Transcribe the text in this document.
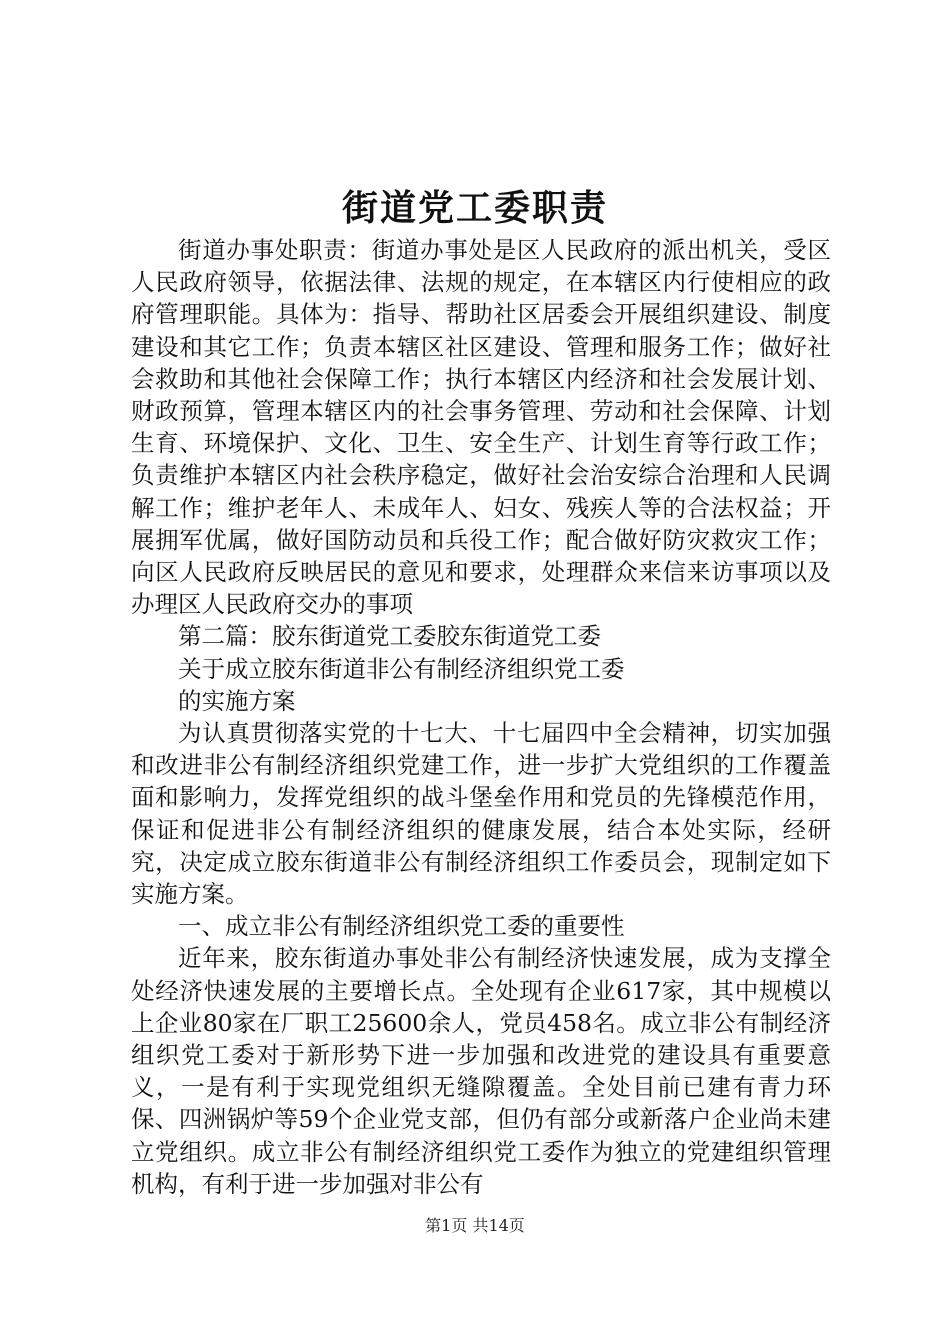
街道党工委职责

街道办事处职责：街道办事处是区人民政府的派出机关，受区人民政府领导，依据法律、法规的规定，在本辖区内行使相应的政府管理职能。具体为：指导、帮助社区居委会开展组织建设、制度建设和其它工作；负责本辖区社区建设、管理和服务工作；做好社会救助和其他社会保障工作；执行本辖区内经济和社会发展计划、财政预算，管理本辖区内的社会事务管理、劳动和社会保障、计划生育、环境保护、文化、卫生、安全生产、计划生育等行政工作；负责维护本辖区内社会秩序稳定，做好社会治安综合治理和人民调解工作；维护老年人、未成年人、妇女、残疾人等的合法权益；开展拥军优属，做好国防动员和兵役工作；配合做好防灾救灾工作；向区人民政府反映居民的意见和要求，处理群众来信来访事项以及办理区人民政府交办的事项

第二篇：胶东街道党工委胶东街道党工委

关于成立胶东街道非公有制经济组织党工委

的实施方案

为认真贯彻落实党的十七大、十七届四中全会精神，切实加强和改进非公有制经济组织党建工作，进一步扩大党组织的工作覆盖面和影响力，发挥党组织的战斗堡垒作用和党员的先锋模范作用，保证和促进非公有制经济组织的健康发展，结合本处实际，经研究，决定成立胶东街道非公有制经济组织工作委员会，现制定如下实施方案。

一、成立非公有制经济组织党工委的重要性

近年来，胶东街道办事处非公有制经济快速发展，成为支撑全处经济快速发展的主要增长点。全处现有企业617家，其中规模以上企业80家在厂职工25600余人，党员458名。成立非公有制经济组织党工委对于新形势下进一步加强和改进党的建设具有重要意义，一是有利于实现党组织无缝隙覆盖。全处目前已建有青力环保、四洲锅炉等59个企业党支部，但仍有部分或新落户企业尚未建立党组织。成立非公有制经济组织党工委作为独立的党建组织管理机构，有利于进一步加强对非公有

第1页 共14页
